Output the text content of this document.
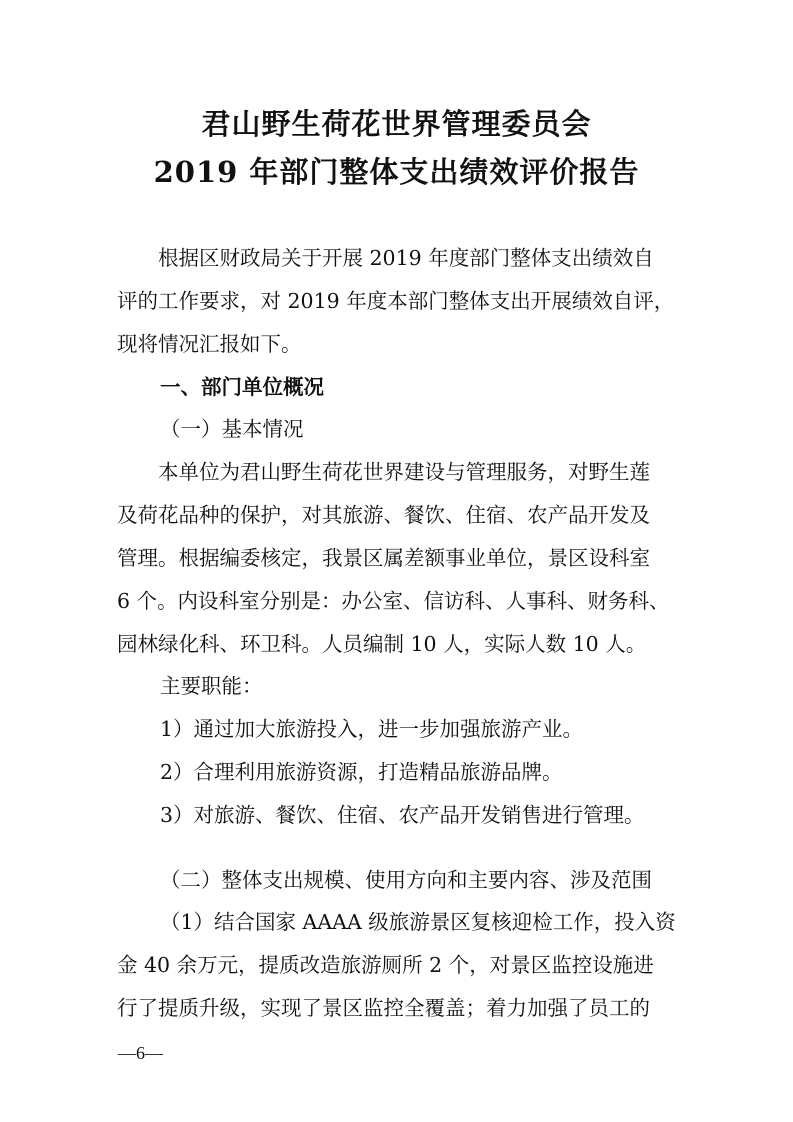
君山野生荷花世界管理委员会
2019 年部门整体支出绩效评价报告
根据区财政局关于开展 2019 年度部门整体支出绩效自
评的工作要求，对 2019 年度本部门整体支出开展绩效自评，
现将情况汇报如下。
一、部门单位概况
（一）基本情况
本单位为君山野生荷花世界建设与管理服务，对野生莲
及荷花品种的保护，对其旅游、餐饮、住宿、农产品开发及
管理。根据编委核定，我景区属差额事业单位，景区设科室
6 个。内设科室分别是：办公室、信访科、人事科、财务科、
园林绿化科、环卫科。人员编制 10 人，实际人数 10 人。
主要职能：
1）通过加大旅游投入，进一步加强旅游产业。
2）合理利用旅游资源，打造精品旅游品牌。
3）对旅游、餐饮、住宿、农产品开发销售进行管理。
（二）整体支出规模、使用方向和主要内容、涉及范围
（1）结合国家 AAAA 级旅游景区复核迎检工作，投入资
金 40 余万元，提质改造旅游厕所 2 个，对景区监控设施进
行了提质升级，实现了景区监控全覆盖；着力加强了员工的
—6—
